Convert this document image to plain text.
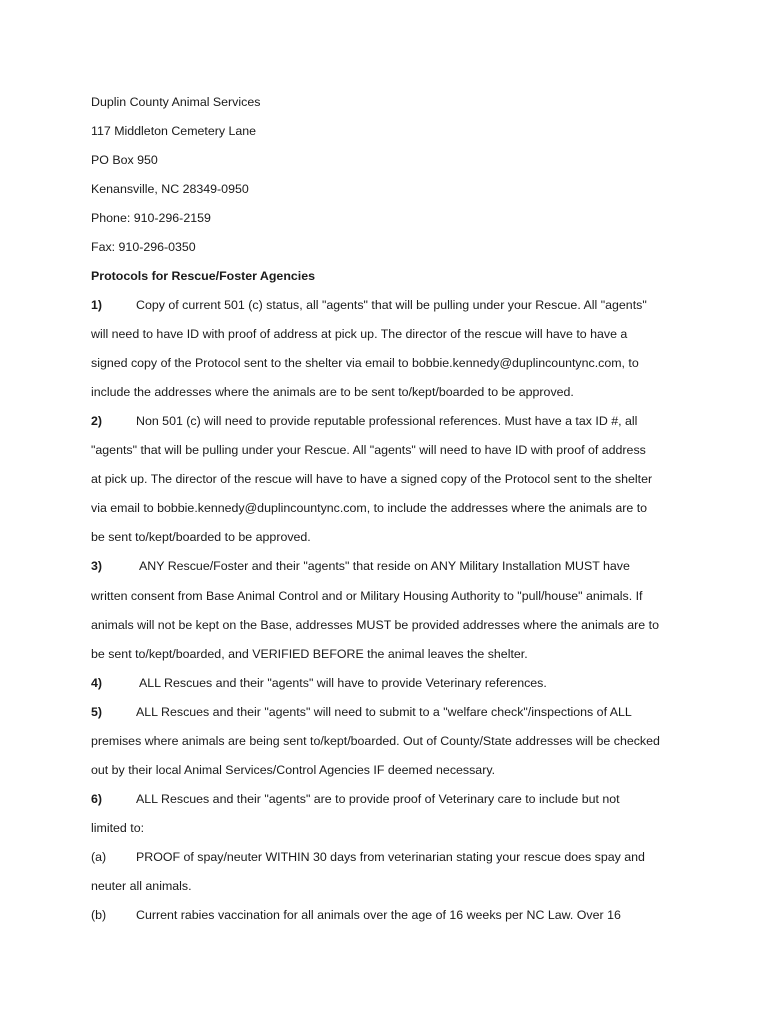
Duplin County Animal Services
117 Middleton Cemetery Lane
PO Box 950
Kenansville, NC 28349-0950
Phone: 910-296-2159
Fax: 910-296-0350
Protocols for Rescue/Foster Agencies
1)	Copy of current 501 (c) status, all "agents" that will be pulling under your Rescue. All "agents"
will need to have ID with proof of address at pick up. The director of the rescue will have to have a
signed copy of the Protocol sent to the shelter via email to bobbie.kennedy@duplincountync.com, to
include the addresses where the animals are to be sent to/kept/boarded to be approved.
2)	Non 501 (c) will need to provide reputable professional references. Must have a tax ID #, all
"agents" that will be pulling under your Rescue. All "agents" will need to have ID with proof of address
at pick up. The director of the rescue will have to have a signed copy of the Protocol sent to the shelter
via email to bobbie.kennedy@duplincountync.com, to include the addresses where the animals are to
be sent to/kept/boarded to be approved.
3)	ANY Rescue/Foster and their "agents" that reside on ANY Military Installation MUST have
written consent from Base Animal Control and or Military Housing Authority to "pull/house" animals. If
animals will not be kept on the Base, addresses MUST be provided addresses where the animals are to
be sent to/kept/boarded, and VERIFIED BEFORE the animal leaves the shelter.
4)	ALL Rescues and their "agents" will have to provide Veterinary references.
5)	ALL Rescues and their "agents" will need to submit to a "welfare check"/inspections of ALL
premises where animals are being sent to/kept/boarded. Out of County/State addresses will be checked
out by their local Animal Services/Control Agencies IF deemed necessary.
6)	ALL Rescues and their "agents" are to provide proof of Veterinary care to include but not
limited to:
(a) PROOF of spay/neuter WITHIN 30 days from veterinarian stating your rescue does spay and
neuter all animals.
(b) Current rabies vaccination for all animals over the age of 16 weeks per NC Law. Over 16
